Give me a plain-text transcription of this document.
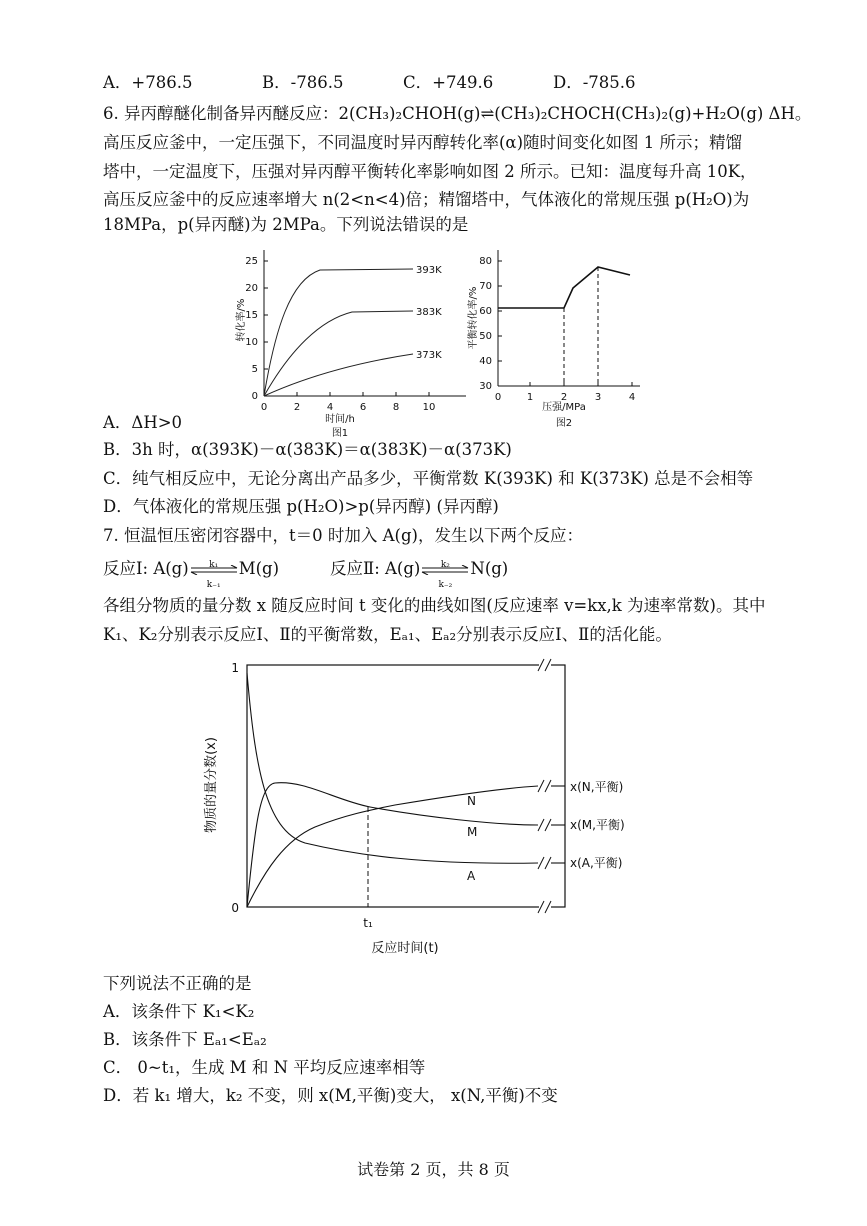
A．+786.5	B．-786.5	C．+749.6	D．-785.6
6. 异丙醇醚化制备异丙醚反应：2(CH₃)₂CHOH(g)⇌(CH₃)₂CHOCH(CH₃)₂(g)+H₂O(g) ΔH。
高压反应釜中，一定压强下，不同温度时异丙醇转化率(α)随时间变化如图 1 所示；精馏
塔中，一定温度下，压强对异丙醇平衡转化率影响如图 2 所示。已知：温度每升高 10K，
高压反应釜中的反应速率增大 n(2<n<4)倍；精馏塔中，气体液化的常规压强 p(H₂O)为
18MPa，p(异丙醚)为 2MPa。下列说法错误的是
0
5
10
15
20
25
0	2	4	6	8 10
393K
383K
373K
时间/h
图1
转化率/%
30
40
50
60
70
80
0	1	2	3	4
压强/MPa
图2
平衡转化率/%
A．ΔH>0
B．3h 时，α(393K)－α(383K)＝α(383K)－α(373K)
C．纯气相反应中，无论分离出产品多少，平衡常数 K(393K) 和 K(373K) 总是不会相等
D．气体液化的常规压强 p(H₂O)>p(异丙醇) (异丙醇)
7. 恒温恒压密闭容器中，t＝0 时加入 A(g)，发生以下两个反应：
反应Ⅰ: A(g)	k₁
k₋₁
M(g)	反应Ⅱ: A(g)	k₂
k₋₂
N(g)
各组分物质的量分数 x 随反应时间 t 变化的曲线如图(反应速率 v=kx,k 为速率常数)。其中
K₁、K₂分别表示反应Ⅰ、Ⅱ的平衡常数，Eₐ₁、Eₐ₂分别表示反应Ⅰ、Ⅱ的活化能。
1
0
t₁
反应时间(t)
物质的量分数(x)	N
M
A
x(N,平衡)
x(M,平衡)
x(A,平衡)
下列说法不正确的是
A．该条件下 K₁<K₂
B．该条件下 Eₐ₁<Eₐ₂
C． 0~t₁，生成 M 和 N 平均反应速率相等
D．若 k₁ 增大，k₂ 不变，则 x(M,平衡)变大， x(N,平衡)不变
试卷第 2 页，共 8 页
